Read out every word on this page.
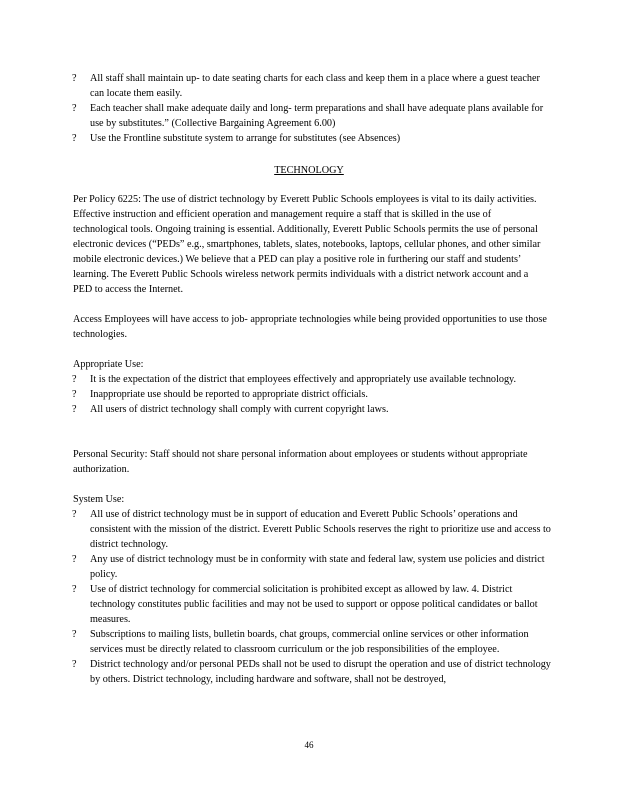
?	All staff shall maintain up- to date seating charts for each class and keep them in a place where a guest teacher can locate them easily.
?	Each teacher shall make adequate daily and long- term preparations and shall have adequate plans available for use by substitutes.” (Collective Bargaining Agreement 6.00)
?	Use the Frontline substitute system to arrange for substitutes (see Absences)

TECHNOLOGY

Per Policy 6225: The use of district technology by Everett Public Schools employees is vital to its daily activities. Effective instruction and efficient operation and management require a staff that is skilled in the use of technological tools. Ongoing training is essential. Additionally, Everett Public Schools permits the use of personal electronic devices (“PEDs” e.g., smartphones, tablets, slates, notebooks, laptops, cellular phones, and other similar mobile electronic devices.) We believe that a PED can play a positive role in furthering our staff and students’ learning. The Everett Public Schools wireless network permits individuals with a district network account and a PED to access the Internet.

Access Employees will have access to job- appropriate technologies while being provided opportunities to use those technologies.

Appropriate Use:

?	It is the expectation of the district that employees effectively and appropriately use available technology.
?	Inappropriate use should be reported to appropriate district officials.
?	All users of district technology shall comply with current copyright laws.

Personal Security: Staff should not share personal information about employees or students without appropriate authorization.

System Use:

?	All use of district technology must be in support of education and Everett Public Schools’ operations and consistent with the mission of the district. Everett Public Schools reserves the right to prioritize use and access to district technology.
?	Any use of district technology must be in conformity with state and federal law, system use policies and district policy.
?	Use of district technology for commercial solicitation is prohibited except as allowed by law. 4. District technology constitutes public facilities and may not be used to support or oppose political candidates or ballot measures.
?	Subscriptions to mailing lists, bulletin boards, chat groups, commercial online services or other information services must be directly related to classroom curriculum or the job responsibilities of the employee.
?	District technology and/or personal PEDs shall not be used to disrupt the operation and use of district technology by others. District technology, including hardware and software, shall not be destroyed,

46
